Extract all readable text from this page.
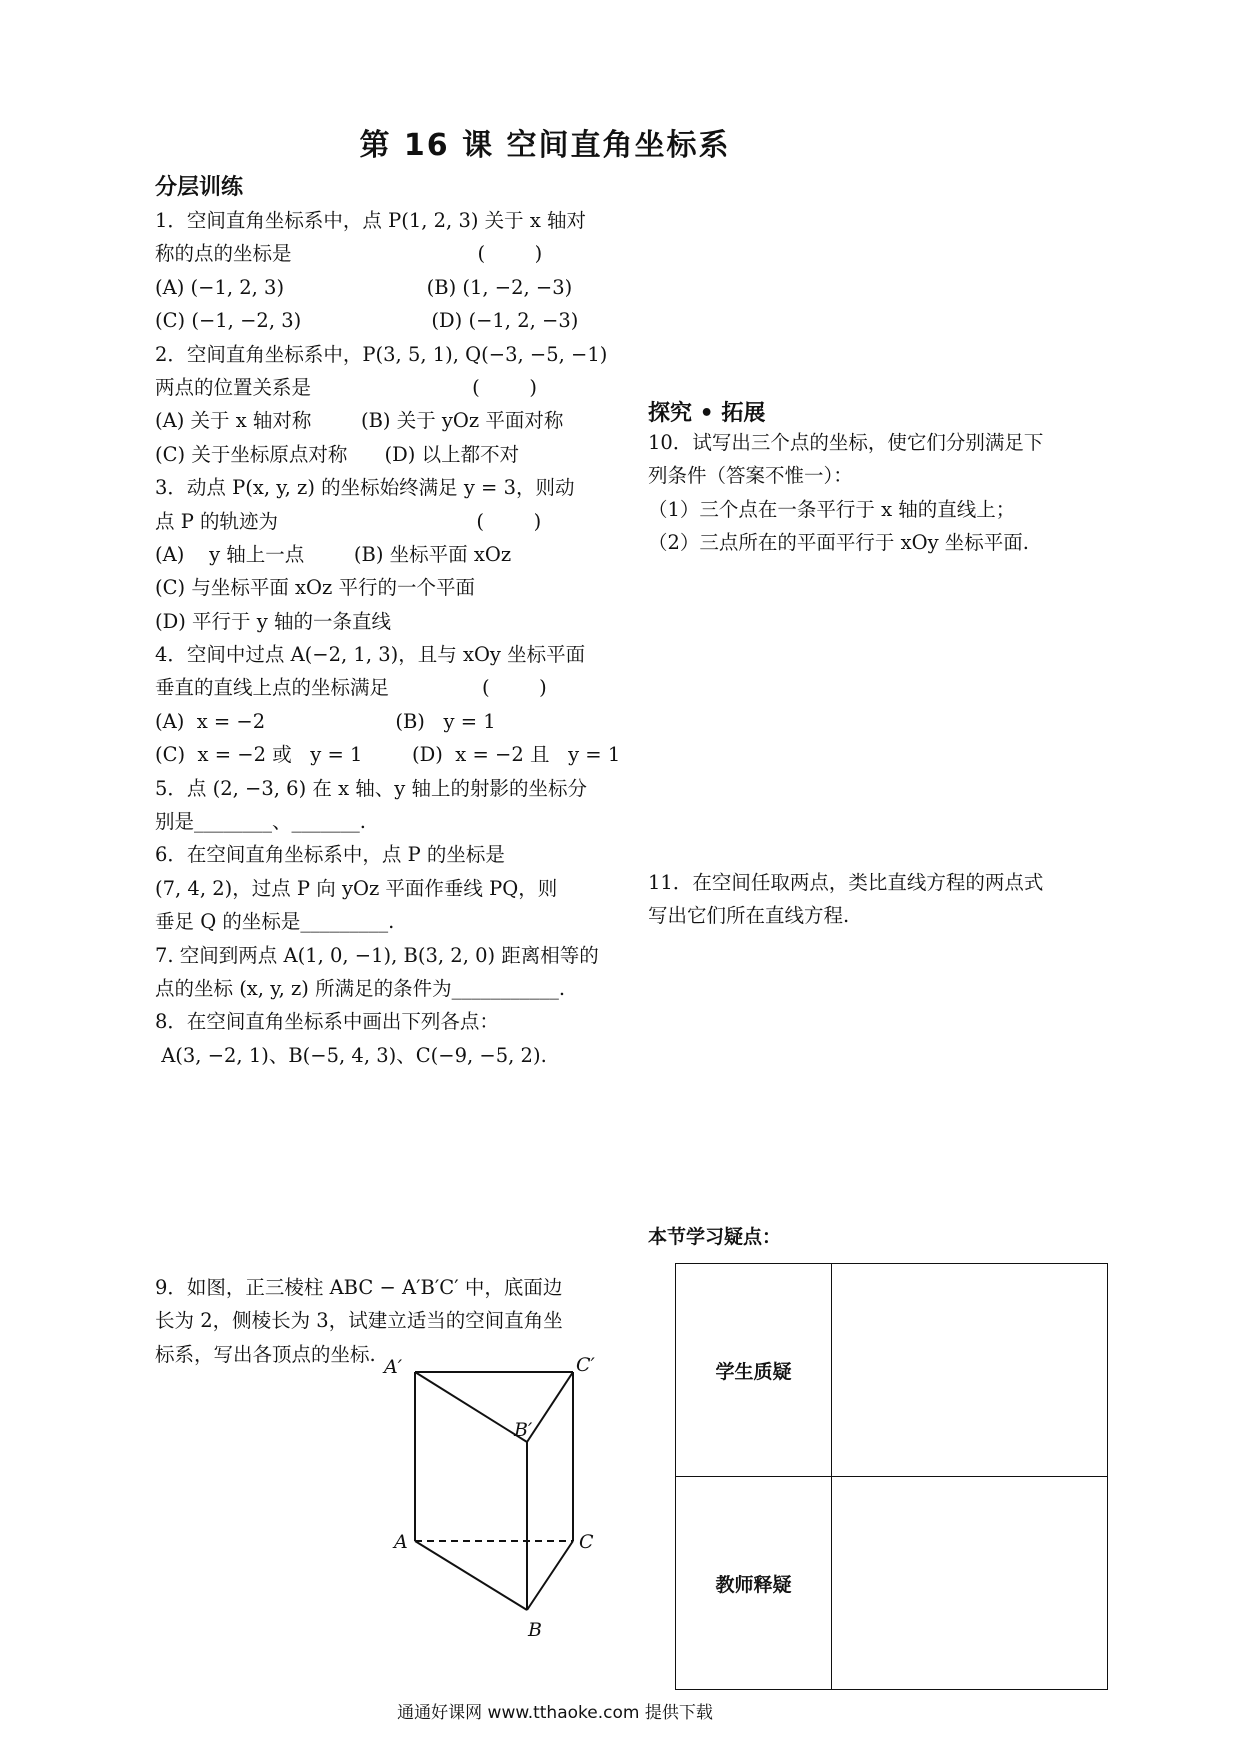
第 16 课 空间直角坐标系
分层训练
1．空间直角坐标系中，点 P(1, 2, 3) 关于 x 轴对
称的点的坐标是                              (        )
(A) (−1, 2, 3)                       (B) (1, −2, −3)
(C) (−1, −2, 3)                     (D) (−1, 2, −3)
2．空间直角坐标系中，P(3, 5, 1), Q(−3, −5, −1)
两点的位置关系是                          (        )
(A) 关于 x 轴对称        (B) 关于 yOz 平面对称
(C) 关于坐标原点对称      (D) 以上都不对
3．动点 P(x, y, z) 的坐标始终满足 y = 3，则动
点 P 的轨迹为                                (        )
(A)    y 轴上一点        (B) 坐标平面 xOz
(C) 与坐标平面 xOz 平行的一个平面
(D) 平行于 y 轴的一条直线
4．空间中过点 A(−2, 1, 3)，且与 xOy 坐标平面
垂直的直线上点的坐标满足               (        )
(A)  x = −2                     (B)   y = 1
(C)  x = −2 或   y = 1        (D)  x = −2 且   y = 1
5．点 (2, −3, 6) 在 x 轴、y 轴上的射影的坐标分
别是________、_______.
6．在空间直角坐标系中，点 P 的坐标是
(7, 4, 2)，过点 P 向 yOz 平面作垂线 PQ，则
垂足 Q 的坐标是_________.
7. 空间到两点 A(1, 0, −1), B(3, 2, 0) 距离相等的
点的坐标 (x, y, z) 所满足的条件为___________.
8．在空间直角坐标系中画出下列各点：
A(3, −2, 1)、B(−5, 4, 3)、C(−9, −5, 2).
探究 • 拓展
10．试写出三个点的坐标，使它们分别满足下
列条件（答案不惟一）：
（1）三个点在一条平行于 x 轴的直线上；
（2）三点所在的平面平行于 xOy 坐标平面.
11．在空间任取两点，类比直线方程的两点式
写出它们所在直线方程.
9．如图，正三棱柱 ABC − A′B′C′ 中，底面边
长为 2，侧棱长为 3，试建立适当的空间直角坐
标系，写出各顶点的坐标.
A′	C′
B′
A	C
B
本节学习疑点：
学生质疑	
教师释疑	
通通好课网 www.tthaoke.com 提供下载
